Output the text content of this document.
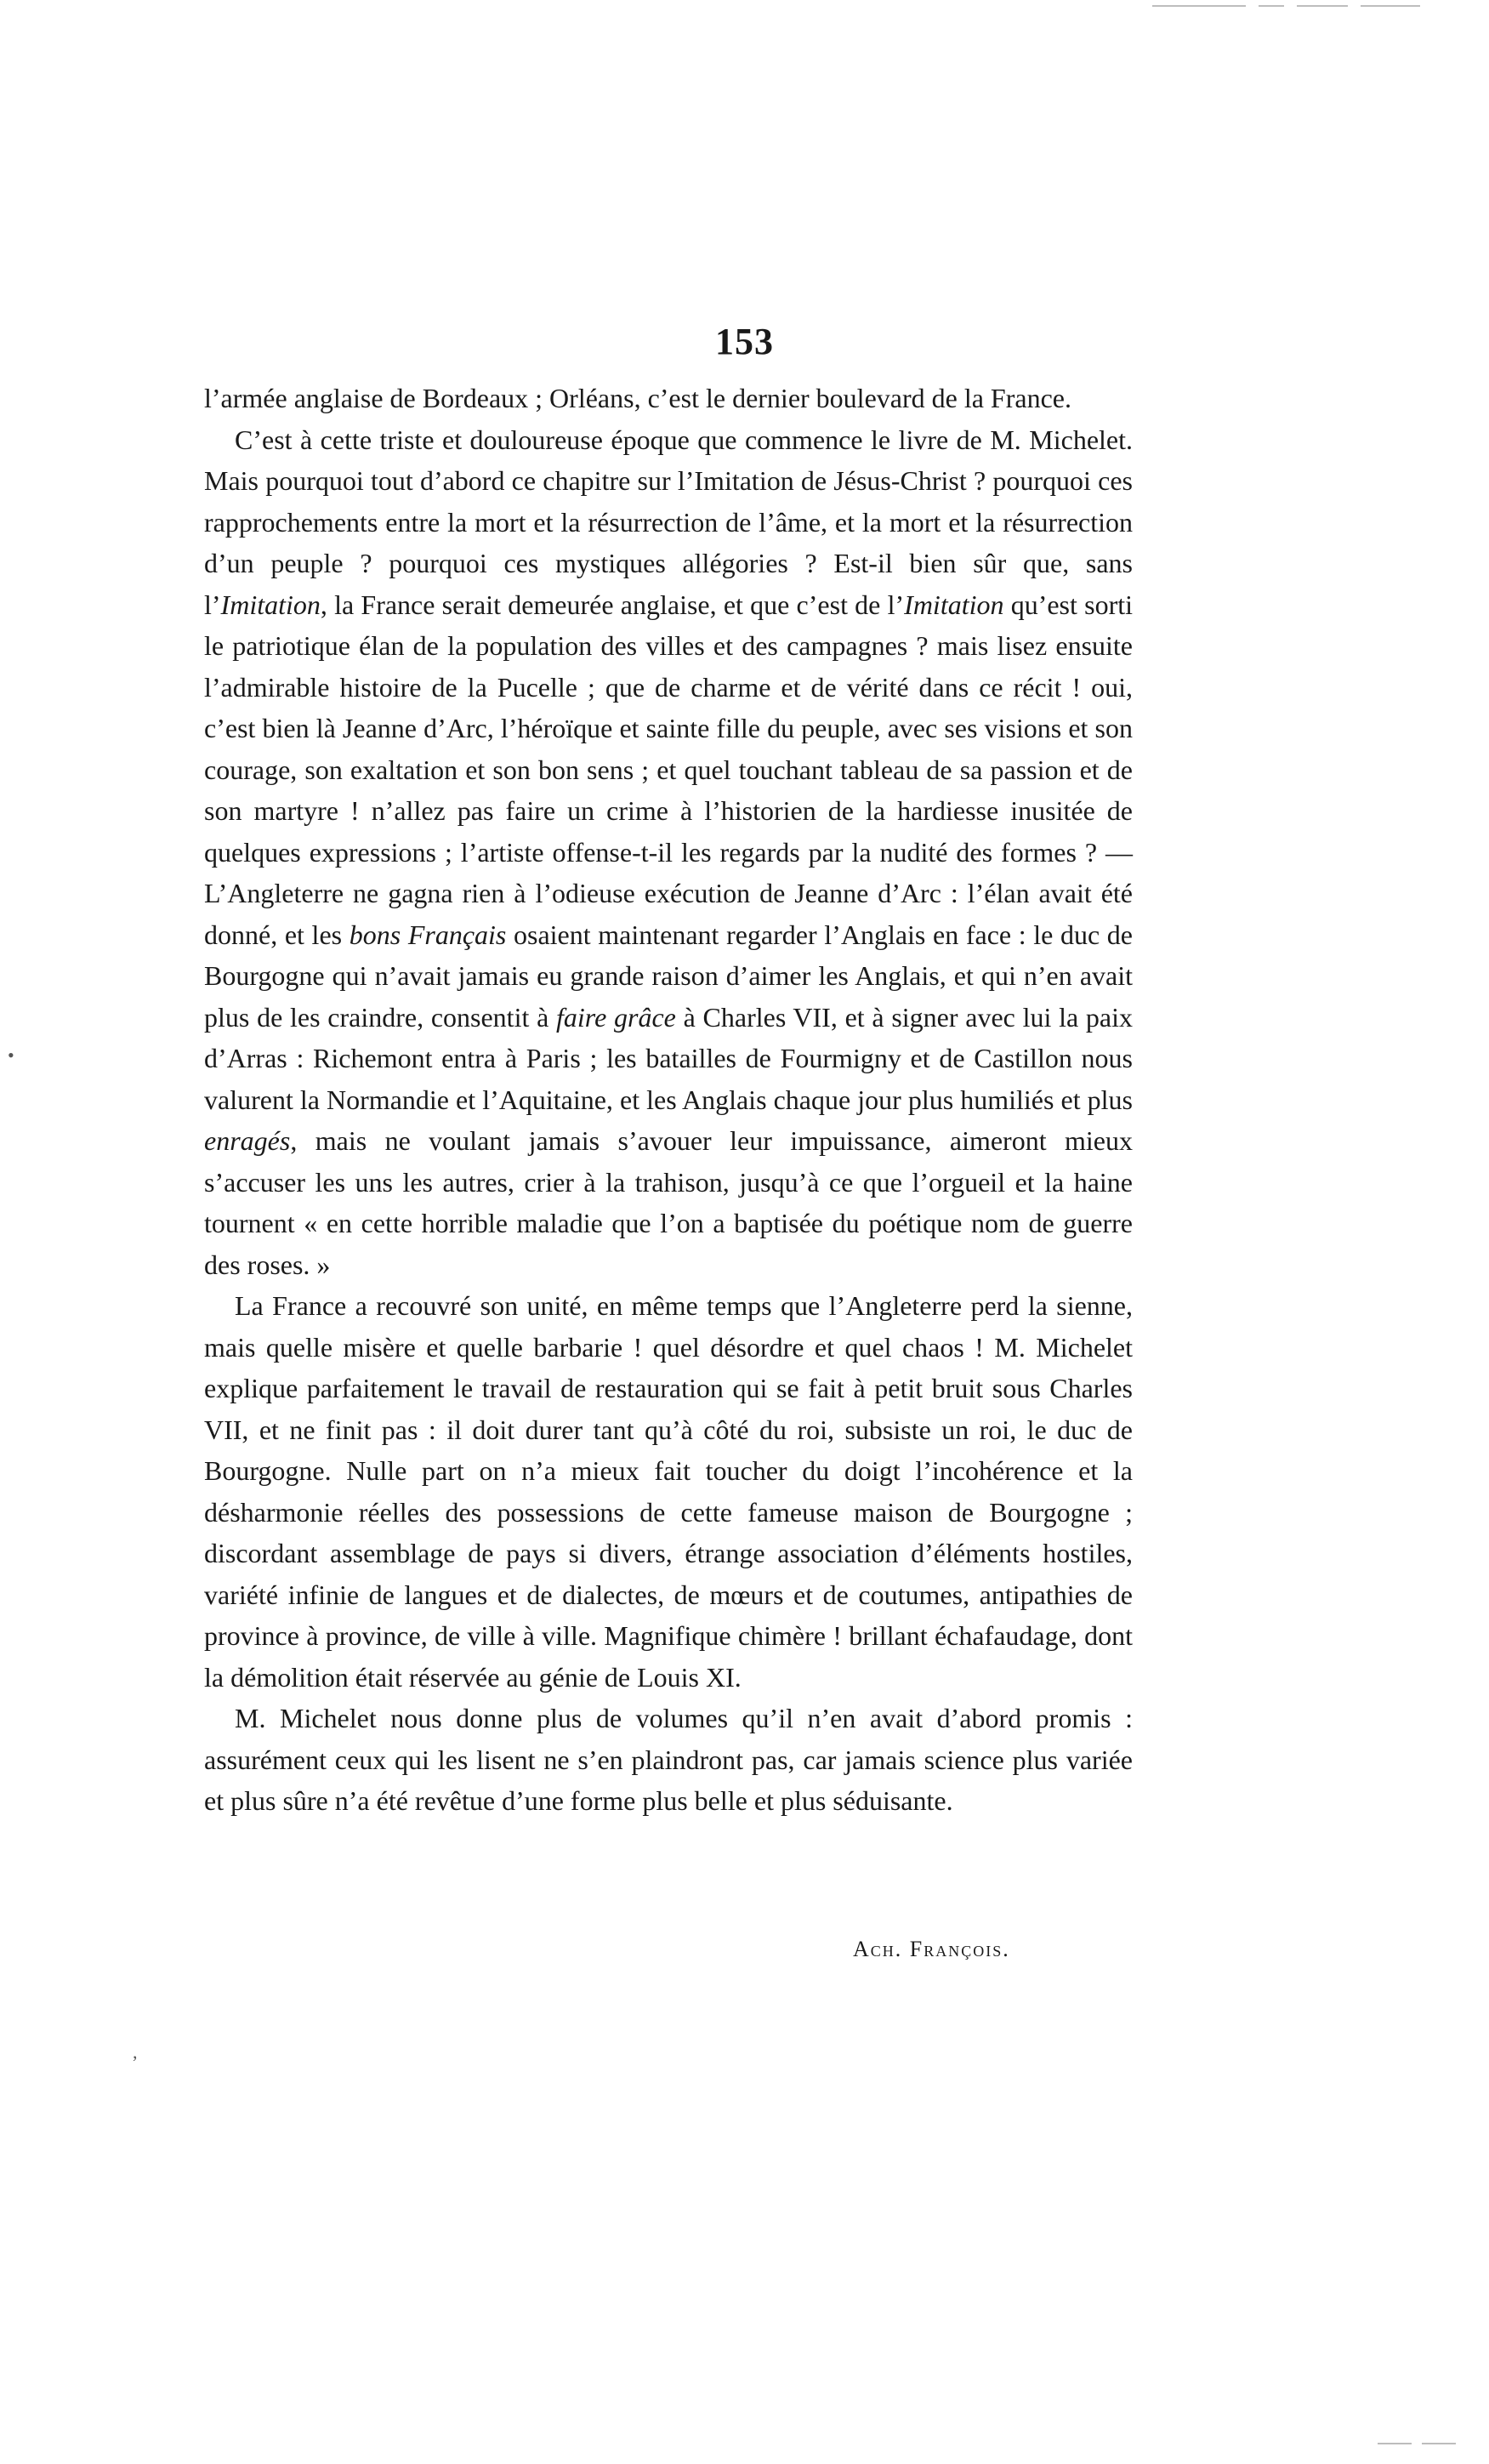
153

l’armée anglaise de Bordeaux ; Orléans, c’est le dernier boulevard de la France.

C’est à cette triste et douloureuse époque que commence le livre de M. Michelet. Mais pourquoi tout d’abord ce chapitre sur l’Imitation de Jésus-Christ ? pourquoi ces rapprochements entre la mort et la résurrection de l’âme, et la mort et la résurrection d’un peuple ? pourquoi ces mystiques allégories ? Est-il bien sûr que, sans l’Imitation, la France serait demeurée anglaise, et que c’est de l’Imitation qu’est sorti le patriotique élan de la population des villes et des campagnes ? mais lisez ensuite l’admirable histoire de la Pucelle ; que de charme et de vérité dans ce récit ! oui, c’est bien là Jeanne d’Arc, l’héroïque et sainte fille du peuple, avec ses visions et son courage, son exaltation et son bon sens ; et quel touchant tableau de sa passion et de son martyre ! n’allez pas faire un crime à l’historien de la hardiesse inusitée de quelques expressions ; l’artiste offense-t-il les regards par la nudité des formes ? — L’Angleterre ne gagna rien à l’odieuse exécution de Jeanne d’Arc : l’élan avait été donné, et les bons Français osaient maintenant regarder l’Anglais en face : le duc de Bourgogne qui n’avait jamais eu grande raison d’aimer les Anglais, et qui n’en avait plus de les craindre, consentit à faire grâce à Charles VII, et à signer avec lui la paix d’Arras : Richemont entra à Paris ; les batailles de Fourmigny et de Castillon nous valurent la Normandie et l’Aquitaine, et les Anglais chaque jour plus humiliés et plus enragés, mais ne voulant jamais s’avouer leur impuissance, aimeront mieux s’accuser les uns les autres, crier à la trahison, jusqu’à ce que l’orgueil et la haine tournent « en cette horrible maladie que l’on a baptisée du poétique nom de guerre des roses. »

La France a recouvré son unité, en même temps que l’Angleterre perd la sienne, mais quelle misère et quelle barbarie ! quel désordre et quel chaos ! M. Michelet explique parfaitement le travail de restauration qui se fait à petit bruit sous Charles VII, et ne finit pas : il doit durer tant qu’à côté du roi, subsiste un roi, le duc de Bourgogne. Nulle part on n’a mieux fait toucher du doigt l’incohérence et la désharmonie réelles des possessions de cette fameuse maison de Bourgogne ; discordant assemblage de pays si divers, étrange association d’éléments hostiles, variété infinie de langues et de dialectes, de mœurs et de coutumes, antipathies de province à province, de ville à ville. Magnifique chimère ! brillant échafaudage, dont la démolition était réservée au génie de Louis XI.

M. Michelet nous donne plus de volumes qu’il n’en avait d’abord promis : assurément ceux qui les lisent ne s’en plaindront pas, car jamais science plus variée et plus sûre n’a été revêtue d’une forme plus belle et plus séduisante.

Ach. François.
•
,
